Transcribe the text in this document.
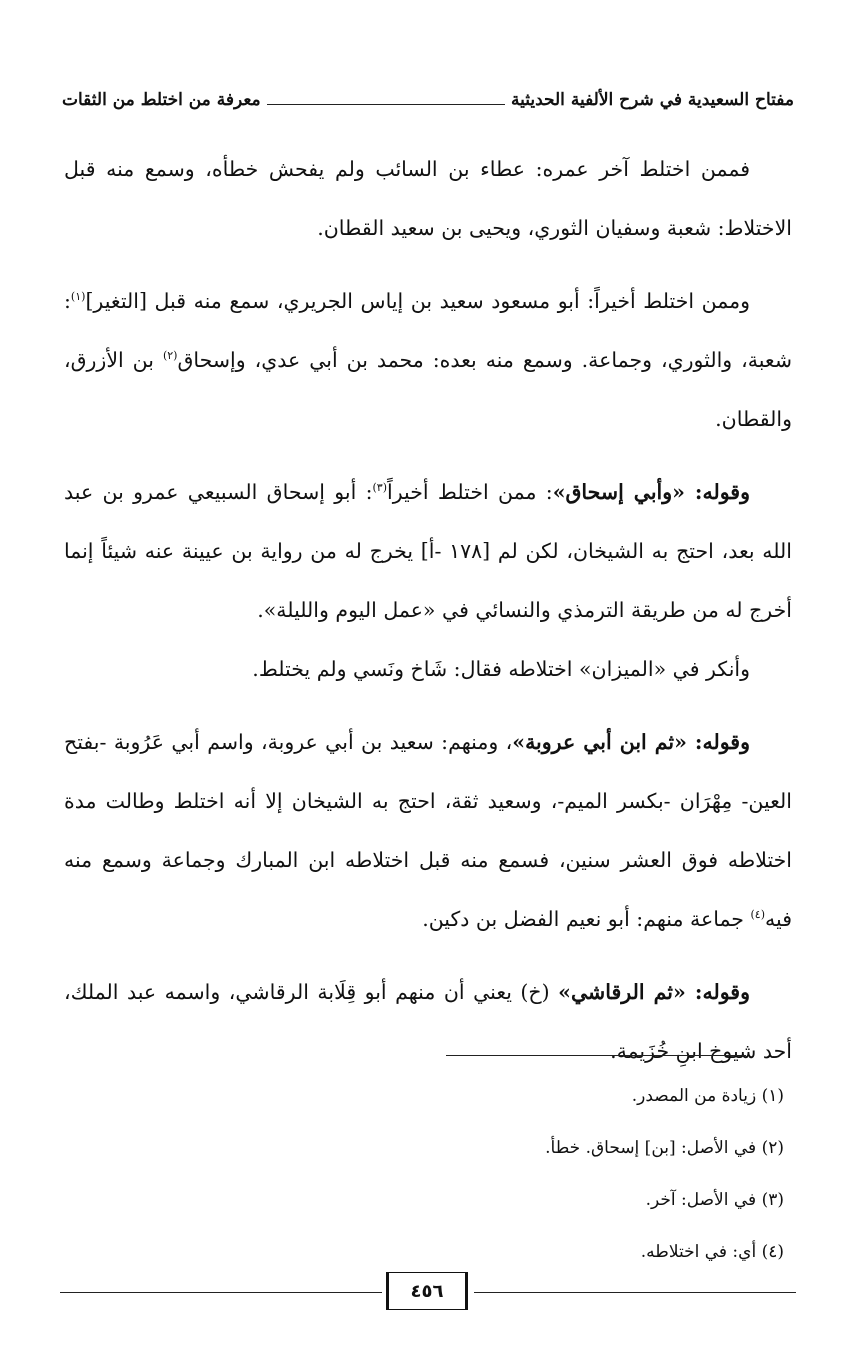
مفتاح السعيدية في شرح الألفية الحديثية
معرفة من اختلط من الثقات

فممن اختلط آخر عمره: عطاء بن السائب ولم يفحش خطأه، وسمع منه قبل الاختلاط: شعبة وسفيان الثوري، ويحيى بن سعيد القطان.

وممن اختلط أخيراً: أبو مسعود سعيد بن إياس الجريري، سمع منه قبل [التغير]$^{(١)}$: شعبة، والثوري، وجماعة. وسمع منه بعده: محمد بن أبي عدي، وإسحاق$^{(٢)}$ بن الأزرق، والقطان.

وقوله: «وأبي إسحاق»: ممن اختلط أخيراً$^{(٣)}$: أبو إسحاق السبيعي عمرو بن عبد الله بعد، احتج به الشيخان، لكن لم [١٧٨ -أ] يخرج له من رواية بن عيينة عنه شيئاً إنما أخرج له من طريقة الترمذي والنسائي في «عمل اليوم والليلة».

وأنكر في «الميزان» اختلاطه فقال: شَاخ ونَسي ولم يختلط.

وقوله: «ثم ابن أبي عروبة»، ومنهم: سعيد بن أبي عروبة، واسم أبي عَرُوبة -بفتح العين- مِهْرَان -بكسر الميم-، وسعيد ثقة، احتج به الشيخان إلا أنه اختلط وطالت مدة اختلاطه فوق العشر سنين، فسمع منه قبل اختلاطه ابن المبارك وجماعة وسمع منه فيه$^{(٤)}$ جماعة منهم: أبو نعيم الفضل بن دكين.

وقوله: «ثم الرقاشي» (خ) يعني أن منهم أبو قِلَابة الرقاشي، واسمه عبد الملك، أحد شيوخ ابنِ خُزَيمة.

(١) زيادة من المصدر.

(٢) في الأصل: [بن] إسحاق. خطأ.

(٣) في الأصل: آخر.

(٤) أي: في اختلاطه.

٤٥٦
